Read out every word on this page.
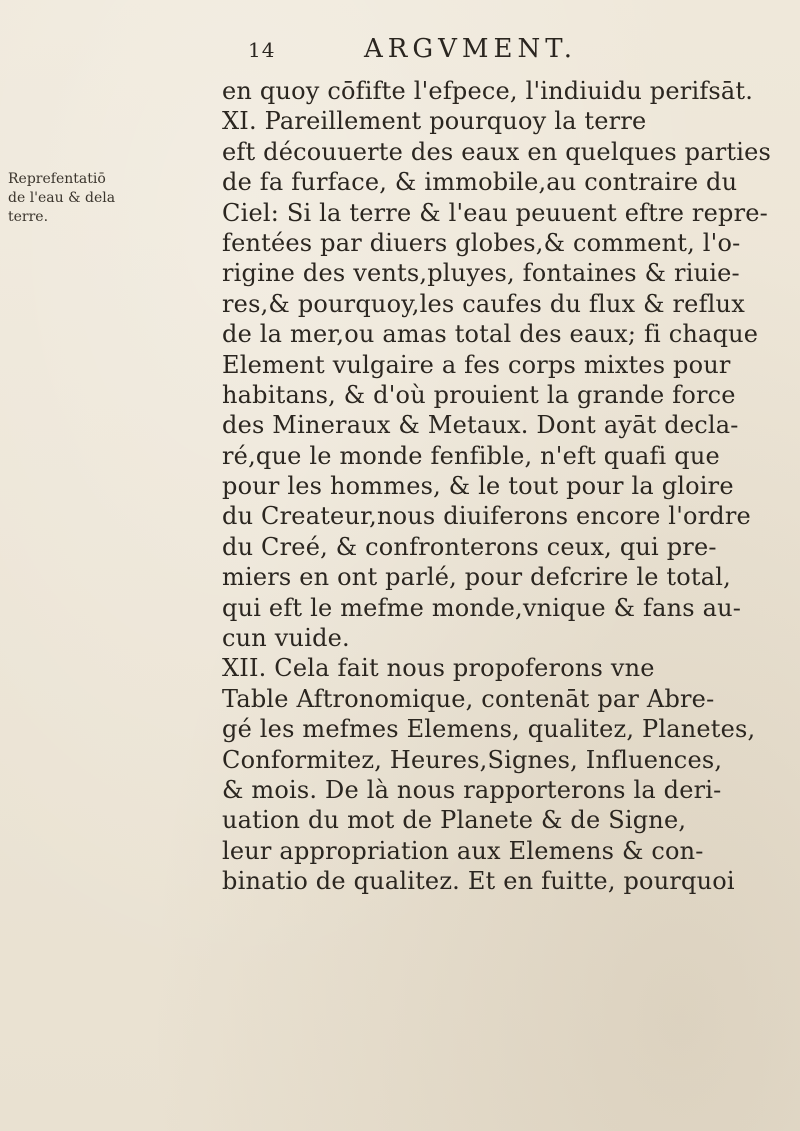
14	ARGVMENT.
Reprefentatiō
de l'eau & dela
terre.
en quoy cōfifte l'efpece, l'indiuidu perifsāt.
XI. Pareillement pourquoy la terre
eft découuerte des eaux en quelques parties
de fa furface, & immobile,au contraire du
Ciel: Si la terre & l'eau peuuent eftre repre-
fentées par diuers globes,& comment, l'o-
rigine des vents,pluyes, fontaines & riuie-
res,& pourquoy,les caufes du flux & reflux
de la mer,ou amas total des eaux; fi chaque
Element vulgaire a fes corps mixtes pour
habitans, & d'où prouient la grande force
des Mineraux & Metaux. Dont ayāt decla-
ré,que le monde fenfible, n'eft quafi que
pour les hommes, & le tout pour la gloire
du Createur,nous diuiferons encore l'ordre
du Creé, & confronterons ceux, qui pre-
miers en ont parlé, pour defcrire le total,
qui eft le mefme monde,vnique & fans au-
cun vuide.
XII. Cela fait nous propoferons vne
Table Aftronomique, contenāt par Abre-
gé les mefmes Elemens, qualitez, Planetes,
Conformitez, Heures,Signes, Influences,
& mois. De là nous rapporterons la deri-
uation du mot de Planete & de Signe,
leur appropriation aux Elemens & con-
binatio de qualitez. Et en fuitte, pourquoi
